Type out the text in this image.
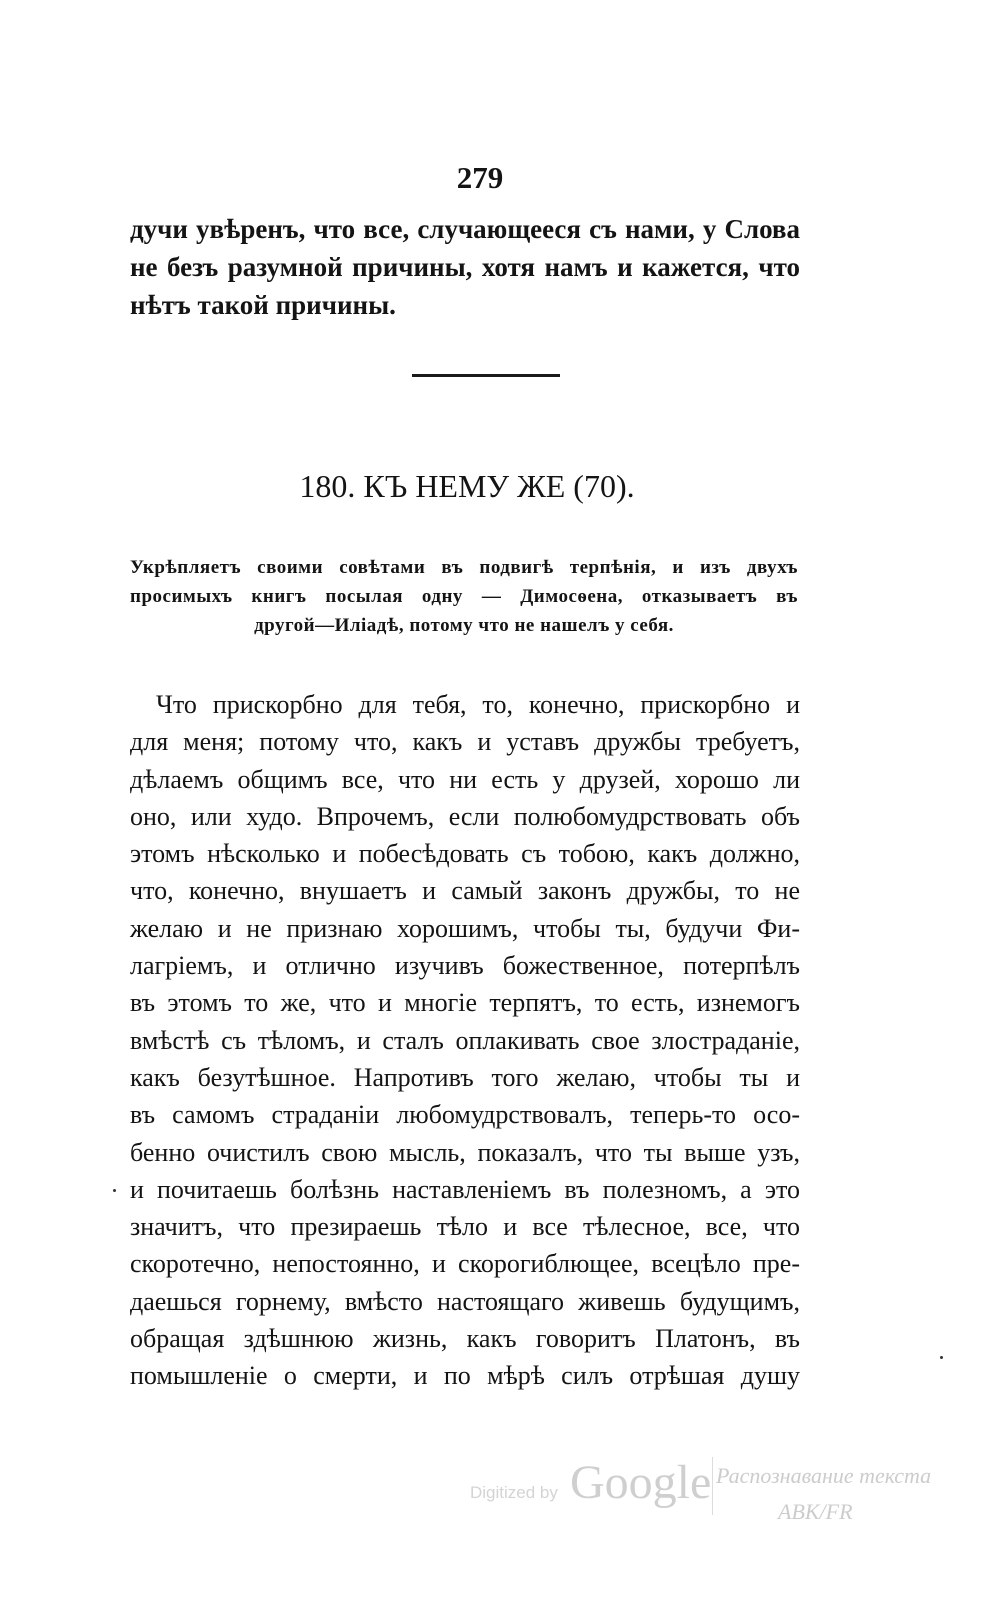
279
дучи увѣренъ, что все, случающееся съ нами, у Слова
не безъ разумной причины, хотя намъ и кажется, что
нѣтъ такой причины.
180. КЪ НЕМУ ЖЕ (70).
Укрѣпляетъ своими совѣтами въ подвигѣ терпѣнія, и изъ двухъ
просимыхъ книгъ посылая одну — Димосѳена, отказываетъ въ
другой—Иліадѣ, потому что не нашелъ у себя.
Что прискорбно для тебя, то, конечно, прискорбно и
для меня; потому что, какъ и уставъ дружбы требуетъ,
дѣлаемъ общимъ все, что ни есть у друзей, хорошо ли
оно, или худо. Впрочемъ, если полюбомудрствовать объ
этомъ нѣсколько и побесѣдовать съ тобою, какъ должно,
что, конечно, внушаетъ и самый законъ дружбы, то не
желаю и не признаю хорошимъ, чтобы ты, будучи Фи-
лагріемъ, и отлично изучивъ божественное, потерпѣлъ
въ этомъ то же, что и многіе терпятъ, то есть, изнемогъ
вмѣстѣ съ тѣломъ, и сталъ оплакивать свое злостраданіе,
какъ безутѣшное. Напротивъ того желаю, чтобы ты и
въ самомъ страданіи любомудрствовалъ, теперь-то осо-
бенно очистилъ свою мысль, показалъ, что ты выше узъ,
и почитаешь болѣзнь наставленіемъ въ полезномъ, а это
значитъ, что презираешь тѣло и все тѣлесное, все, что
скоротечно, непостоянно, и скорогиблющее, всецѣло пре-
даешься горнему, вмѣсто настоящаго живешь будущимъ,
обращая здѣшнюю жизнь, какъ говоритъ Платонъ, въ
помышленіе о смерти, и по мѣрѣ силъ отрѣшая душу
Digitized by Google Распознавание текста
ABK/FR
